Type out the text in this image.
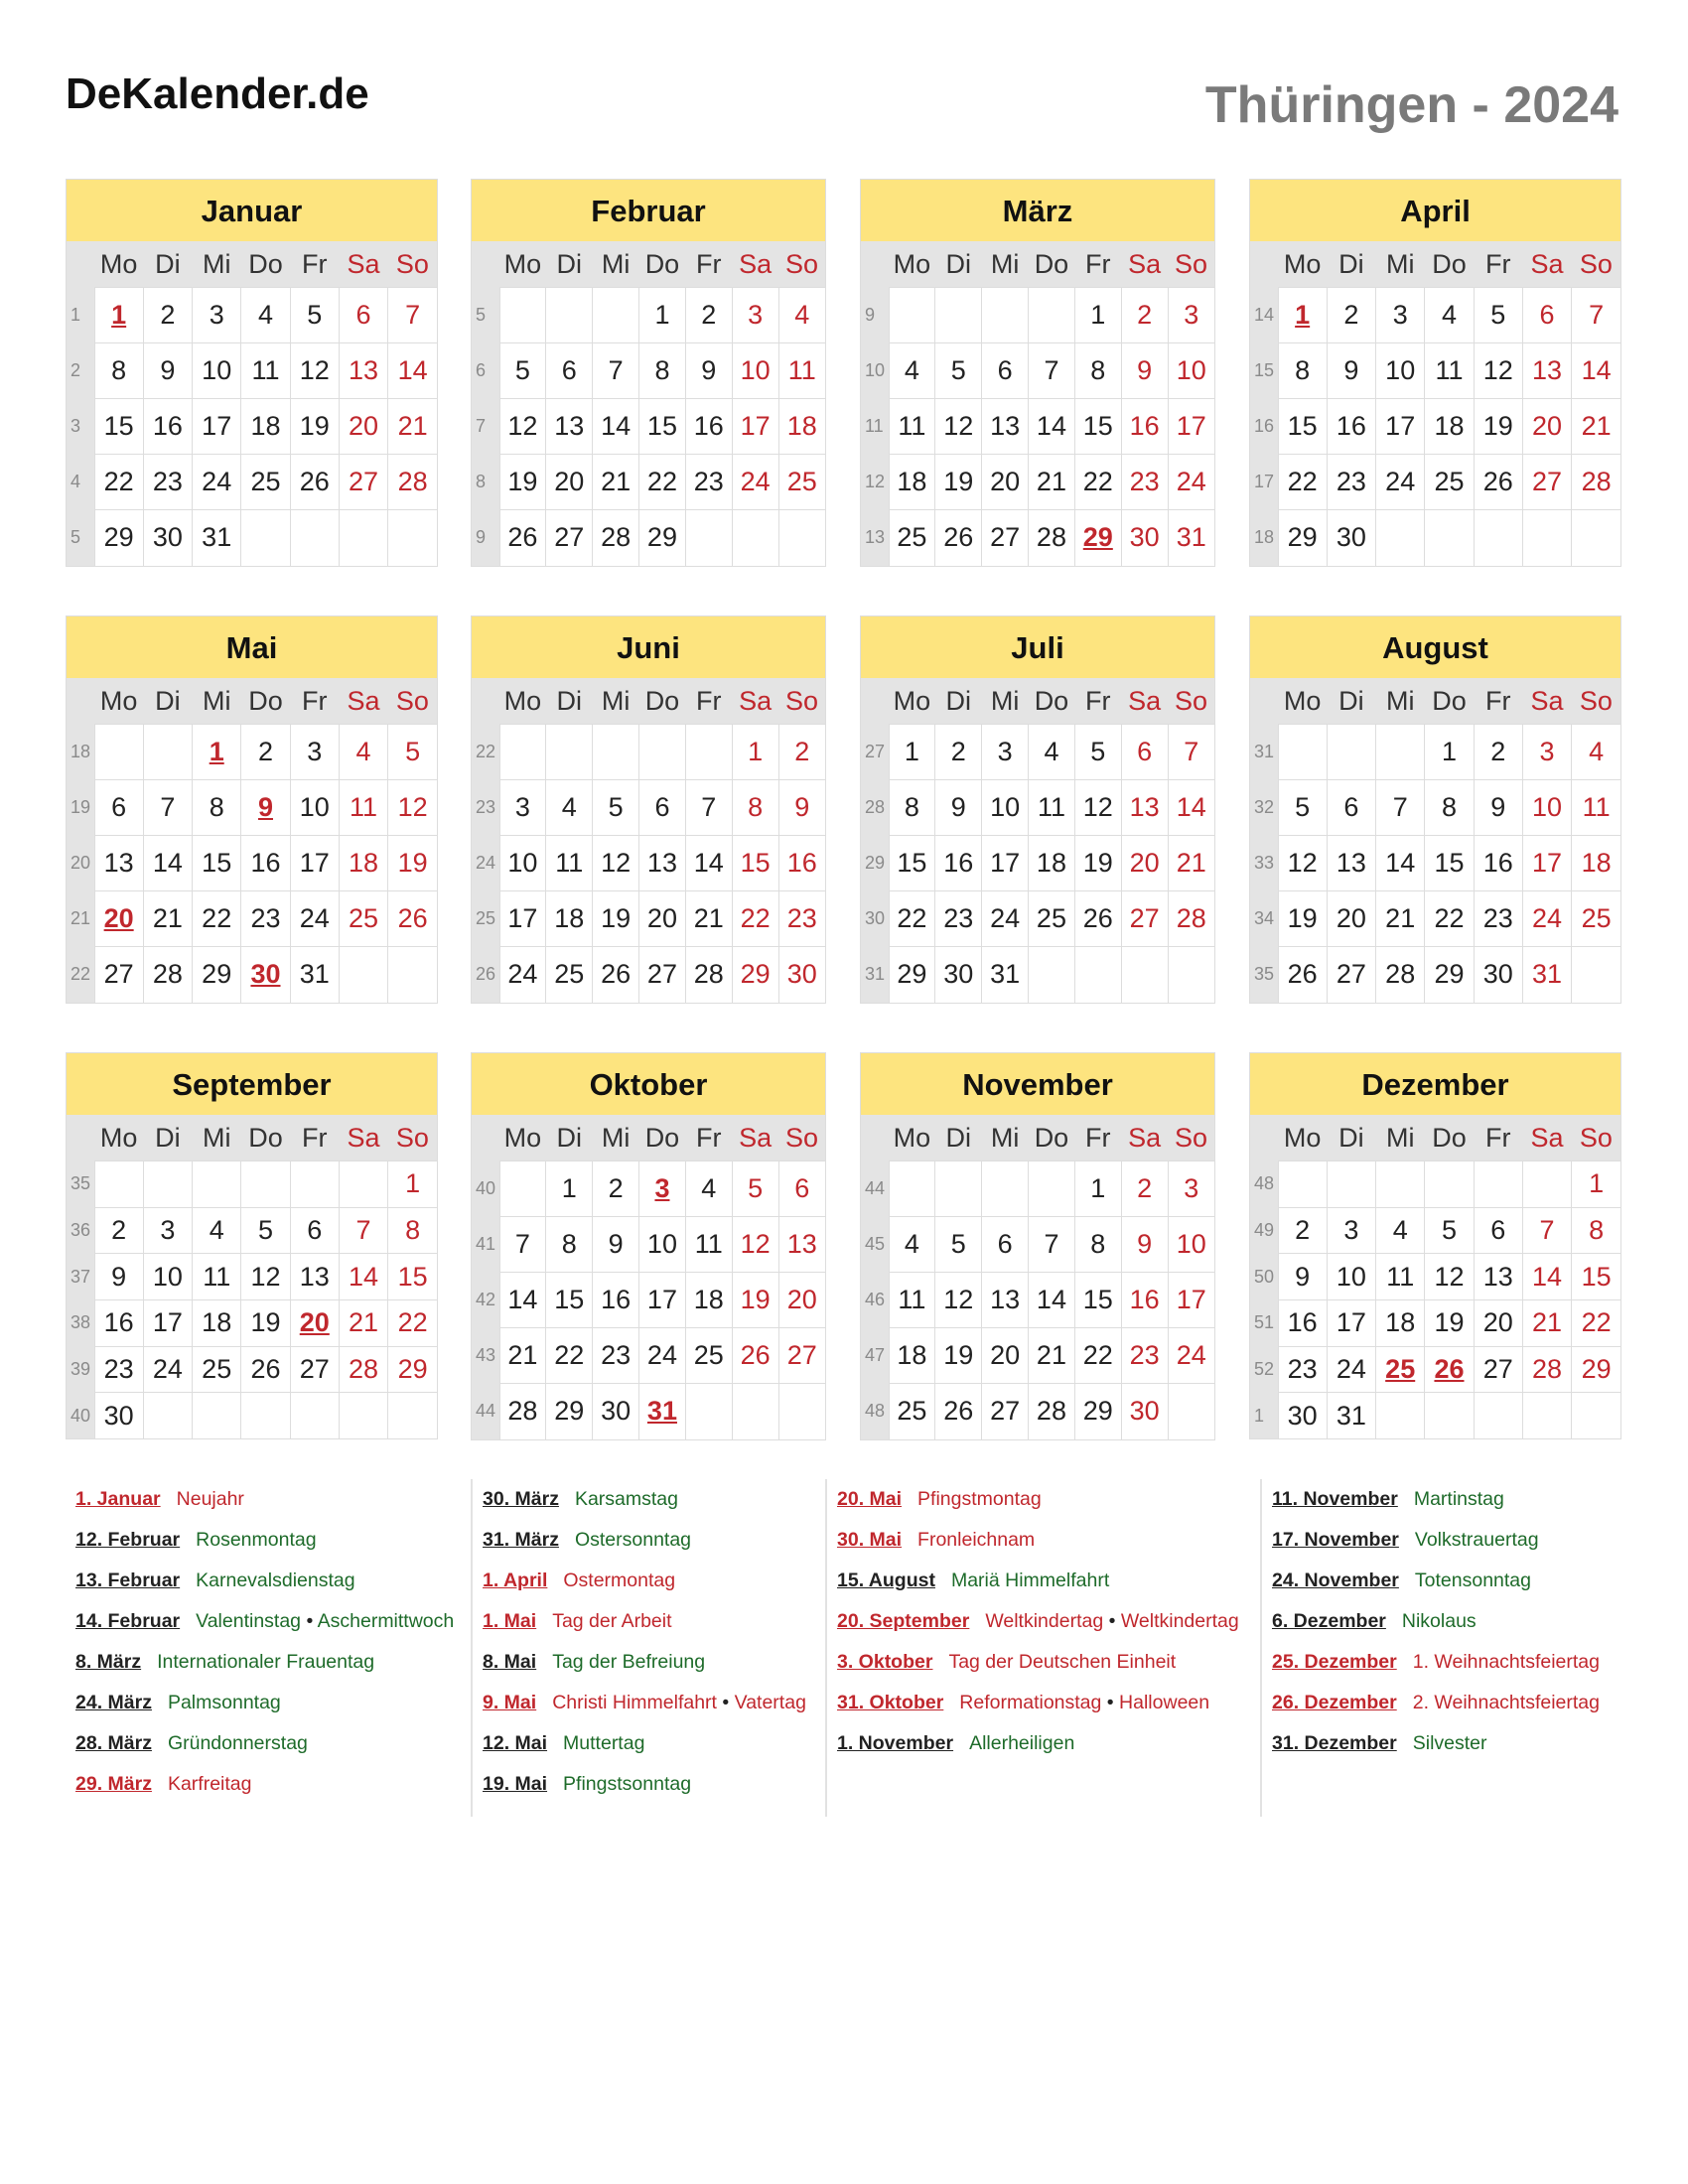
DeKalender.de	Thüringen - 2024
Januar
	Mo	Di	Mi	Do	Fr	Sa	So
1	1	2	3	4	5	6	7
2	8	9	10	11	12	13	14
3	15	16	17	18	19	20	21
4	22	23	24	25	26	27	28
5	29	30	31				
Februar
	Mo	Di	Mi	Do	Fr	Sa	So
5				1	2	3	4
6	5	6	7	8	9	10	11
7	12	13	14	15	16	17	18
8	19	20	21	22	23	24	25
9	26	27	28	29			
März
	Mo	Di	Mi	Do	Fr	Sa	So
9					1	2	3
10	4	5	6	7	8	9	10
11	11	12	13	14	15	16	17
12	18	19	20	21	22	23	24
13	25	26	27	28	29	30	31
April
	Mo	Di	Mi	Do	Fr	Sa	So
14	1	2	3	4	5	6	7
15	8	9	10	11	12	13	14
16	15	16	17	18	19	20	21
17	22	23	24	25	26	27	28
18	29	30					
Mai
	Mo	Di	Mi	Do	Fr	Sa	So
18			1	2	3	4	5
19	6	7	8	9	10	11	12
20	13	14	15	16	17	18	19
21	20	21	22	23	24	25	26
22	27	28	29	30	31		
Juni
	Mo	Di	Mi	Do	Fr	Sa	So
22						1	2
23	3	4	5	6	7	8	9
24	10	11	12	13	14	15	16
25	17	18	19	20	21	22	23
26	24	25	26	27	28	29	30
Juli
	Mo	Di	Mi	Do	Fr	Sa	So
27	1	2	3	4	5	6	7
28	8	9	10	11	12	13	14
29	15	16	17	18	19	20	21
30	22	23	24	25	26	27	28
31	29	30	31				
August
	Mo	Di	Mi	Do	Fr	Sa	So
31				1	2	3	4
32	5	6	7	8	9	10	11
33	12	13	14	15	16	17	18
34	19	20	21	22	23	24	25
35	26	27	28	29	30	31	
September
	Mo	Di	Mi	Do	Fr	Sa	So
35							1
36	2	3	4	5	6	7	8
37	9	10	11	12	13	14	15
38	16	17	18	19	20	21	22
39	23	24	25	26	27	28	29
40	30						
Oktober
	Mo	Di	Mi	Do	Fr	Sa	So
40		1	2	3	4	5	6
41	7	8	9	10	11	12	13
42	14	15	16	17	18	19	20
43	21	22	23	24	25	26	27
44	28	29	30	31			
November
	Mo	Di	Mi	Do	Fr	Sa	So
44					1	2	3
45	4	5	6	7	8	9	10
46	11	12	13	14	15	16	17
47	18	19	20	21	22	23	24
48	25	26	27	28	29	30	
Dezember
	Mo	Di	Mi	Do	Fr	Sa	So
48							1
49	2	3	4	5	6	7	8
50	9	10	11	12	13	14	15
51	16	17	18	19	20	21	22
52	23	24	25	26	27	28	29
1	30	31					
1. Januar Neujahr
12. Februar Rosenmontag
13. Februar Karnevalsdienstag
14. Februar Valentinstag • Aschermittwoch
8. März Internationaler Frauentag
24. März Palmsonntag
28. März Gründonnerstag
29. März Karfreitag
30. März Karsamstag
31. März Ostersonntag
1. April Ostermontag
1. Mai Tag der Arbeit
8. Mai Tag der Befreiung
9. Mai Christi Himmelfahrt • Vatertag
12. Mai Muttertag
19. Mai Pfingstsonntag
20. Mai Pfingstmontag
30. Mai Fronleichnam
15. August Mariä Himmelfahrt
20. September Weltkindertag • Weltkindertag
3. Oktober Tag der Deutschen Einheit
31. Oktober Reformationstag • Halloween
1. November Allerheiligen
11. November Martinstag
17. November Volkstrauertag
24. November Totensonntag
6. Dezember Nikolaus
25. Dezember 1. Weihnachtsfeiertag
26. Dezember 2. Weihnachtsfeiertag
31. Dezember Silvester
